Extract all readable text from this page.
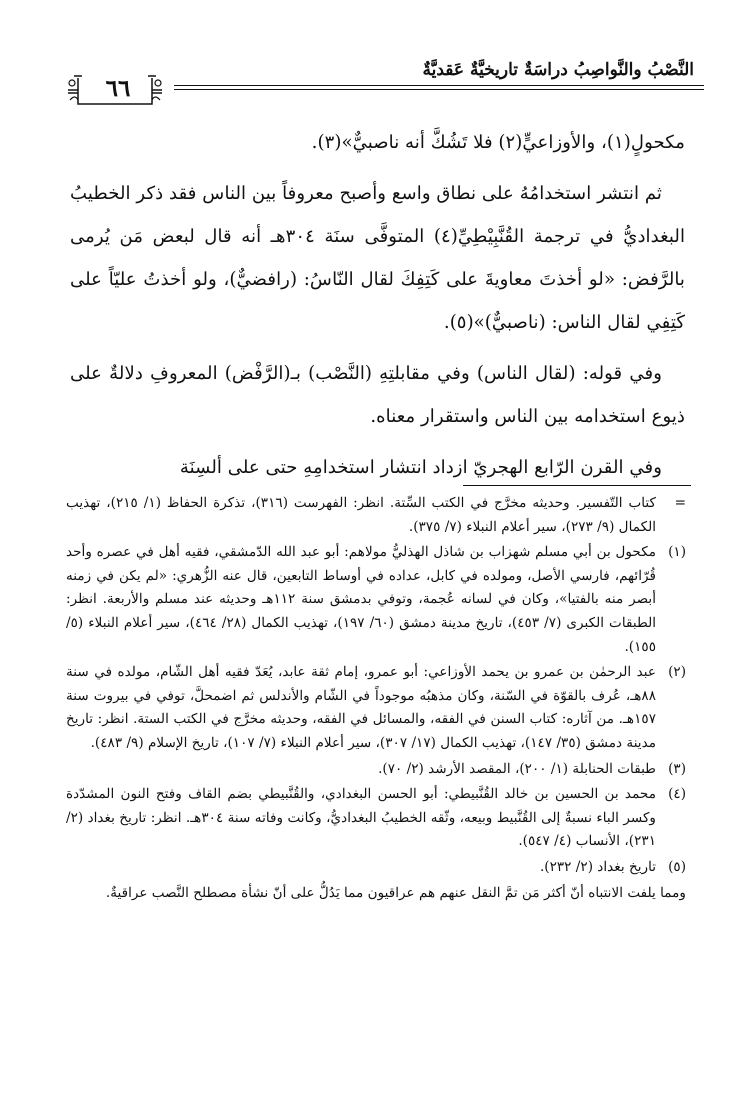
النَّصْبُ والنَّواصِبُ دراسَةٌ تاريخيَّةٌ عَقديَّةٌ
٦٦

مكحولٍ(١)، والأوزاعيٍّ(٢) فلا تَشُكَّ أنه ناصبيٌّ»(٣).

ثم انتشر استخدامُهُ على نطاق واسع وأصبح معروفاً بين الناس فقد ذكر الخطيبُ البغداديُّ في ترجمة القُنَّبِيْطِيِّ(٤) المتوفَّى سنَة ٣٠٤هـ أنه قال لبعض مَن يُرمى بالرَّفض: «لو أخذتَ معاويةَ على كَتِفِكَ لقال النّاسُ: (رافضيٌّ)، ولو أخذتُ عليّاً على كَتِفِي لقال الناس: (ناصبيٌّ)»(٥).

وفي قوله: (لقال الناس) وفي مقابلتِهِ (النَّصْب) بـ(الرَّفْض) المعروفِ دلالةٌ على ذيوع استخدامه بين الناس واستقرار معناه.

وفي القرن الرّابع الهجريّ ازداد انتشار استخدامِهِ حتى على ألسِنَة

=
كتاب التّفسير. وحديثه مخرَّج في الكتب السِّتة. انظر: الفهرست (٣١٦)، تذكرة الحفاظ (١/ ٢١٥)، تهذيب الكمال (٩/ ٢٧٣)، سير أعلام النبلاء (٧/ ٣٧٥).
(١)
مكحول بن أبي مسلم شهزاب بن شاذل الهذليُّ مولاهم: أبو عبد الله الدّمشقي، فقيه أهل في عصره وأحد قُرّائهم، فارسي الأصل، ومولده في كابل، عداده في أوساط التابعين، قال عنه الزُّهري: «لم يكن في زمنه أبصر منه بالفتيا»، وكان في لسانه عُجمة، وتوفي بدمشق سنة ١١٢هـ وحديثه عند مسلم والأربعة. انظر: الطبقات الكبرى (٧/ ٤٥٣)، تاريخ مدينة دمشق (٦٠/ ١٩٧)، تهذيب الكمال (٢٨/ ٤٦٤)، سير أعلام النبلاء (٥/ ١٥٥).
(٢)
عبد الرحمٰن بن عمرو بن يحمد الأوزاعي: أبو عمرو، إمام ثقة عابد، يُعَدّ فقيه أهل الشّام، مولده في سنة ٨٨هـ، عُرف بالقوّة في السّنة، وكان مذهبُه موجوداً في الشّام والأندلس ثم اضمحلَّ، توفي في بيروت سنة ١٥٧هـ. من آثاره: كتاب السنن في الفقه، والمسائل في الفقه، وحديثه مخرَّج في الكتب الستة. انظر: تاريخ مدينة دمشق (٣٥/ ١٤٧)، تهذيب الكمال (١٧/ ٣٠٧)، سير أعلام النبلاء (٧/ ١٠٧)، تاريخ الإسلام (٩/ ٤٨٣).
(٣)
طبقات الحنابلة (١/ ٢٠٠)، المقصد الأرشد (٢/ ٧٠).
(٤)
محمد بن الحسين بن خالد القُنَّبيطي: أبو الحسن البغدادي، والقُنَّبيطي بضم القاف وفتح النون المشدّدة وكسر الباء نسبةٌ إلى القُنَّبيط وبيعه، وثّقه الخطيبُ البغداديُّ، وكانت وفاته سنة ٣٠٤هـ. انظر: تاريخ بغداد (٢/ ٢٣١)، الأنساب (٤/ ٥٤٧).
(٥)
تاريخ بغداد (٢/ ٢٣٢).
ومما يلفت الانتباه أنّ أكثر مَن تمَّ النقل عنهم هم عراقيون مما يَدُلُّ على أنّ نشأة مصطلح النَّصب عراقيةٌ.
